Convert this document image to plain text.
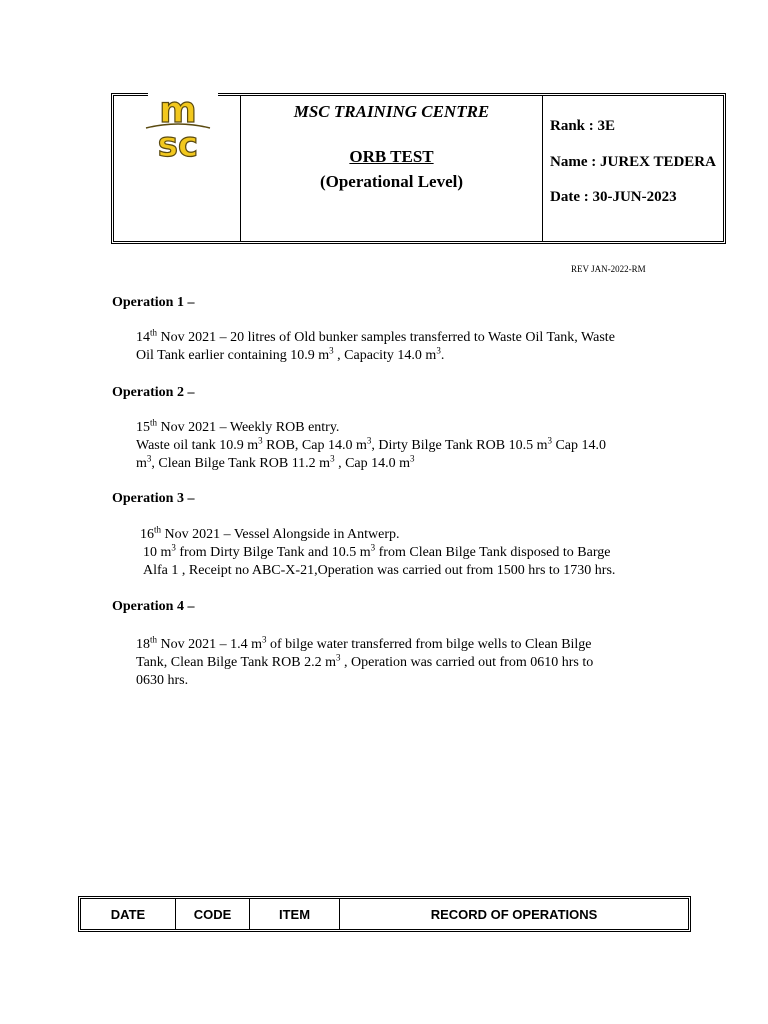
m
sc
MSC TRAINING CENTRE
ORB TEST
(Operational Level)
Rank : 3E
Name : JUREX TEDERA
Date : 30-JUN-2023
REV JAN-2022-RM
Operation 1 –
14th Nov 2021 – 20 litres of Old bunker samples transferred to Waste Oil Tank, Waste
Oil Tank earlier containing 10.9 $m^3$ , Capacity 14.0 $m^3$.
Operation 2 –
15th Nov 2021 – Weekly ROB entry.
Waste oil tank 10.9 $m^3$ ROB, Cap 14.0 $m^3$, Dirty Bilge Tank ROB 10.5 $m^3$ Cap 14.0
$m^3$, Clean Bilge Tank ROB 11.2 $m^3$ , Cap 14.0 $m^3$
Operation 3 –
16th Nov 2021 – Vessel Alongside in Antwerp.
10 $m^3$ from Dirty Bilge Tank and 10.5 $m^3$ from Clean Bilge Tank disposed to Barge
Alfa 1 , Receipt no ABC-X-21,Operation was carried out from 1500 hrs to 1730 hrs.
Operation 4 –
18th Nov 2021 – 1.4 $m^3$ of bilge water transferred from bilge wells to Clean Bilge
Tank, Clean Bilge Tank ROB 2.2 $m^3$ , Operation was carried out from 0610 hrs to
0630 hrs.
DATE	CODE	ITEM	RECORD OF OPERATIONS
